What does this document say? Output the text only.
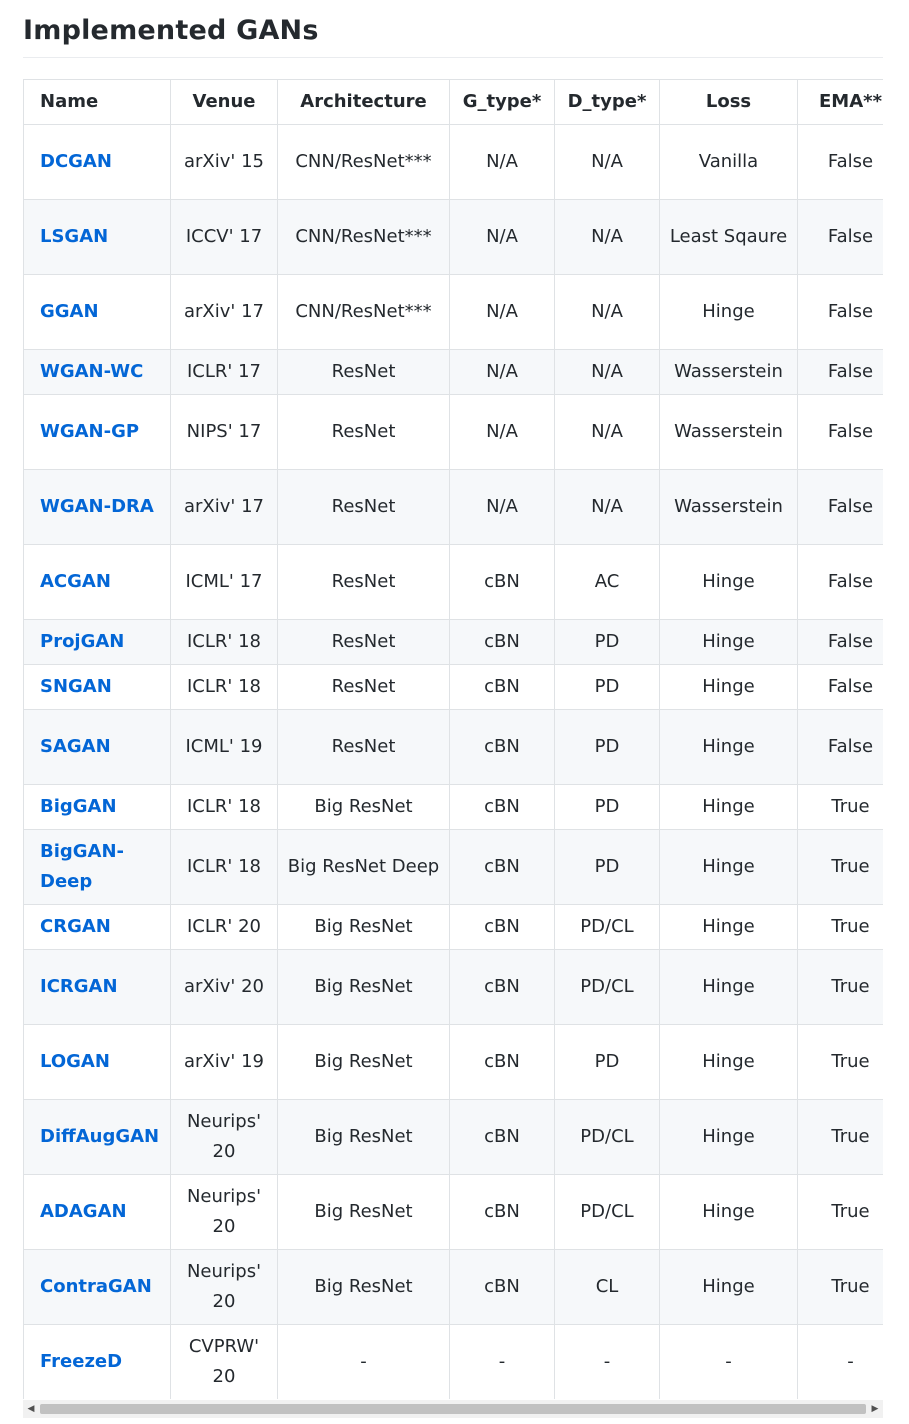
Implemented GANs
Name	Venue	Architecture	G_type*	D_type*	Loss	EMA**
DCGAN	arXiv' 15	CNN/ResNet***	N/A	N/A	Vanilla	False
LSGAN	ICCV' 17	CNN/ResNet***	N/A	N/A	Least Sqaure	False
GGAN	arXiv' 17	CNN/ResNet***	N/A	N/A	Hinge	False
WGAN-WC	ICLR' 17	ResNet	N/A	N/A	Wasserstein	False
WGAN-GP	NIPS' 17	ResNet	N/A	N/A	Wasserstein	False
WGAN-DRA	arXiv' 17	ResNet	N/A	N/A	Wasserstein	False
ACGAN	ICML' 17	ResNet	cBN	AC	Hinge	False
ProjGAN	ICLR' 18	ResNet	cBN	PD	Hinge	False
SNGAN	ICLR' 18	ResNet	cBN	PD	Hinge	False
SAGAN	ICML' 19	ResNet	cBN	PD	Hinge	False
BigGAN	ICLR' 18	Big ResNet	cBN	PD	Hinge	True
BigGAN-Deep	ICLR' 18	Big ResNet Deep	cBN	PD	Hinge	True
CRGAN	ICLR' 20	Big ResNet	cBN	PD/CL	Hinge	True
ICRGAN	arXiv' 20	Big ResNet	cBN	PD/CL	Hinge	True
LOGAN	arXiv' 19	Big ResNet	cBN	PD	Hinge	True
DiffAugGAN	Neurips' 20	Big ResNet	cBN	PD/CL	Hinge	True
ADAGAN	Neurips' 20	Big ResNet	cBN	PD/CL	Hinge	True
ContraGAN	Neurips' 20	Big ResNet	cBN	CL	Hinge	True
FreezeD	CVPRW' 20	-	-	-	-	-
◀	▶
